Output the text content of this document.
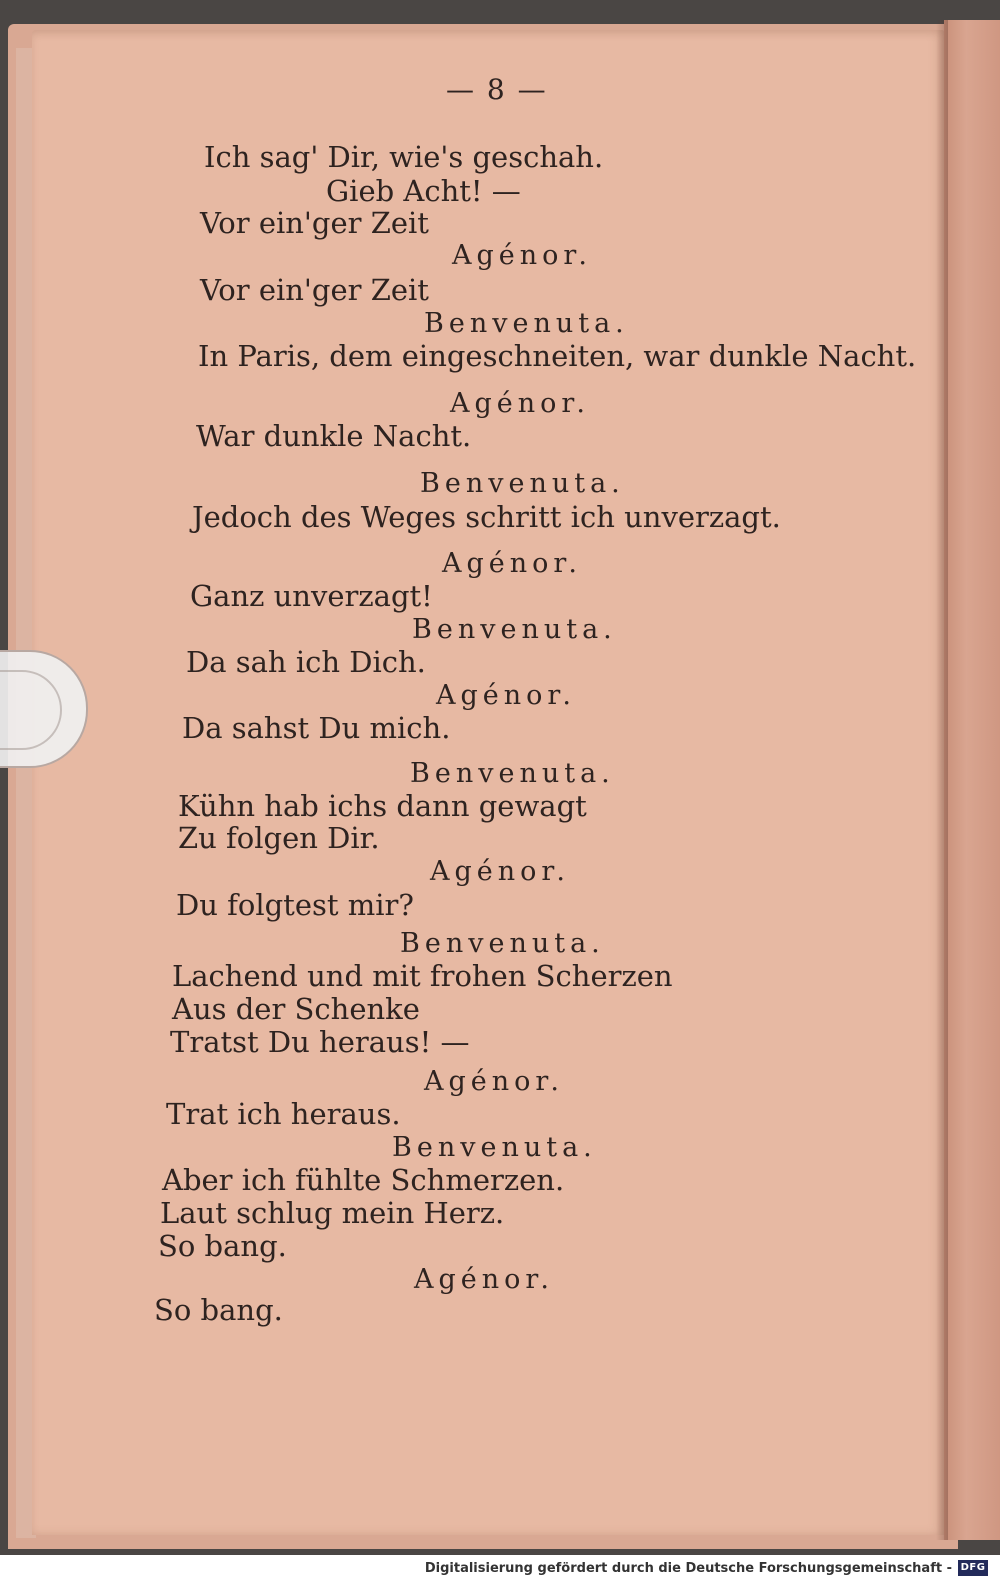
— 8 —
Ich sag' Dir, wie's geschah.
Gieb Acht! —
Vor ein'ger Zeit
Agénor.
Vor ein'ger Zeit
Benvenuta.
In Paris, dem eingeschneiten, war dunkle Nacht.
Agénor.
War dunkle Nacht.
Benvenuta.
Jedoch des Weges schritt ich unverzagt.
Agénor.
Ganz unverzagt!
Benvenuta.
Da sah ich Dich.
Agénor.
Da sahst Du mich.
Benvenuta.
Kühn hab ichs dann gewagt
Zu folgen Dir.
Agénor.
Du folgtest mir?
Benvenuta.
Lachend und mit frohen Scherzen
Aus der Schenke
Tratst Du heraus! —
Agénor.
Trat ich heraus.
Benvenuta.
Aber ich fühlte Schmerzen.
Laut schlug mein Herz.
So bang.
Agénor.
So bang.
Digitalisierung gefördert durch die Deutsche Forschungsgemeinschaft - DFG
